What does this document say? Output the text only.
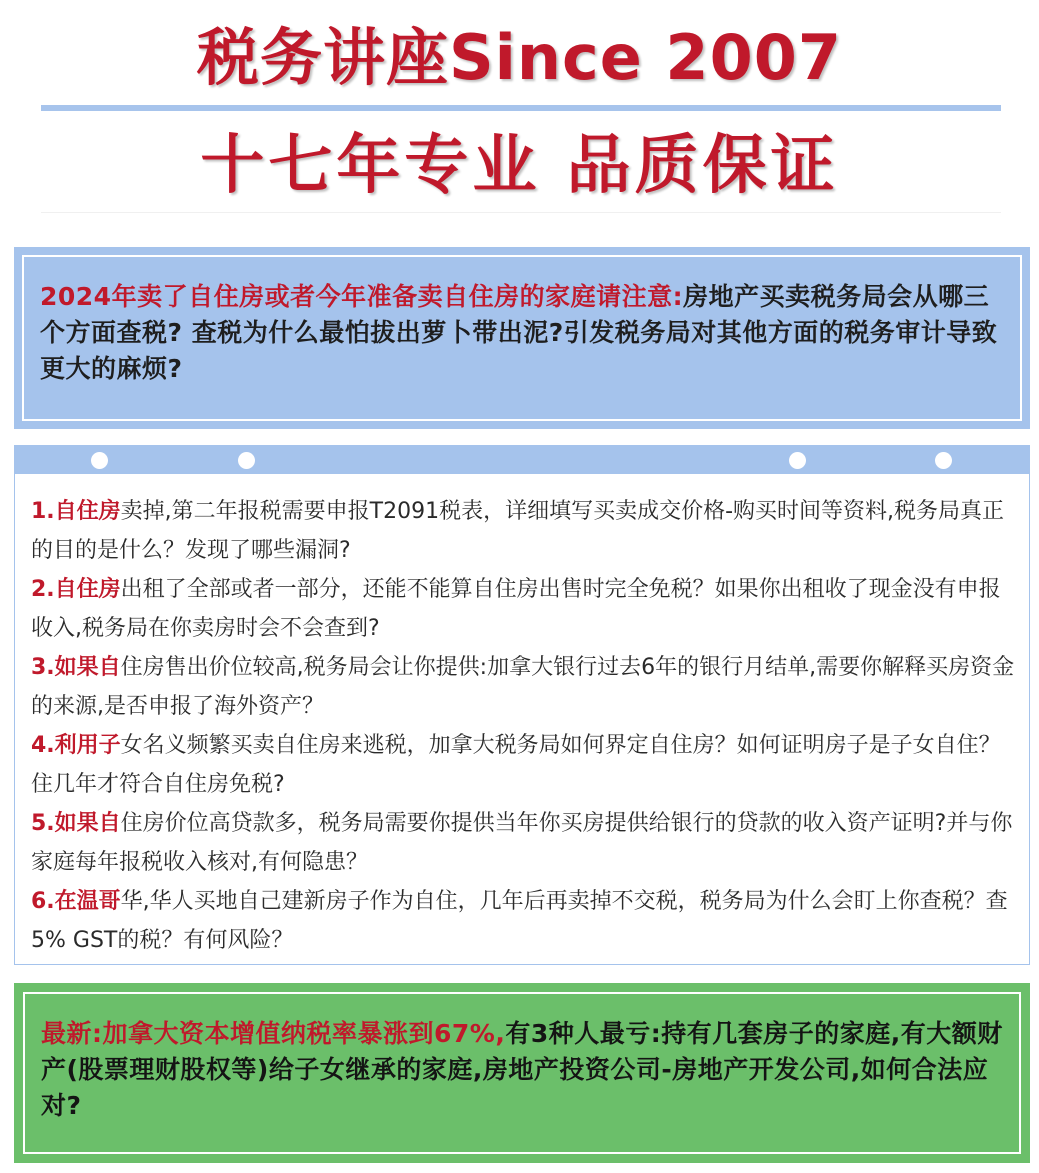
税务讲座Since 2007
十七年专业 品质保证

2024年卖了自住房或者今年准备卖自住房的家庭请注意:房地产买卖税务局会从哪三个方面查税? 查税为什么最怕拔出萝卜带出泥?引发税务局对其他方面的税务审计导致更大的麻烦?

1.自住房卖掉,第二年报税需要申报T2091税表，详细填写买卖成交价格-购买时间等资料,税务局真正的目的是什么？发现了哪些漏洞?

2.自住房出租了全部或者一部分，还能不能算自住房出售时完全免税？如果你出租收了现金没有申报收入,税务局在你卖房时会不会查到?

3.如果自住房售出价位较高,税务局会让你提供:加拿大银行过去6年的银行月结单,需要你解释买房资金的来源,是否申报了海外资产？

4.利用子女名义频繁买卖自住房来逃税，加拿大税务局如何界定自住房？如何证明房子是子女自住？住几年才符合自住房免税?

5.如果自住房价位高贷款多，税务局需要你提供当年你买房提供给银行的贷款的收入资产证明?并与你家庭每年报税收入核对,有何隐患？

6.在温哥华,华人买地自己建新房子作为自住，几年后再卖掉不交税，税务局为什么会盯上你查税？查5% GST的税？有何风险？

最新:加拿大资本增值纳税率暴涨到67%,有3种人最亏:持有几套房子的家庭,有大额财产(股票理财股权等)给子女继承的家庭,房地产投资公司-房地产开发公司,如何合法应对?
